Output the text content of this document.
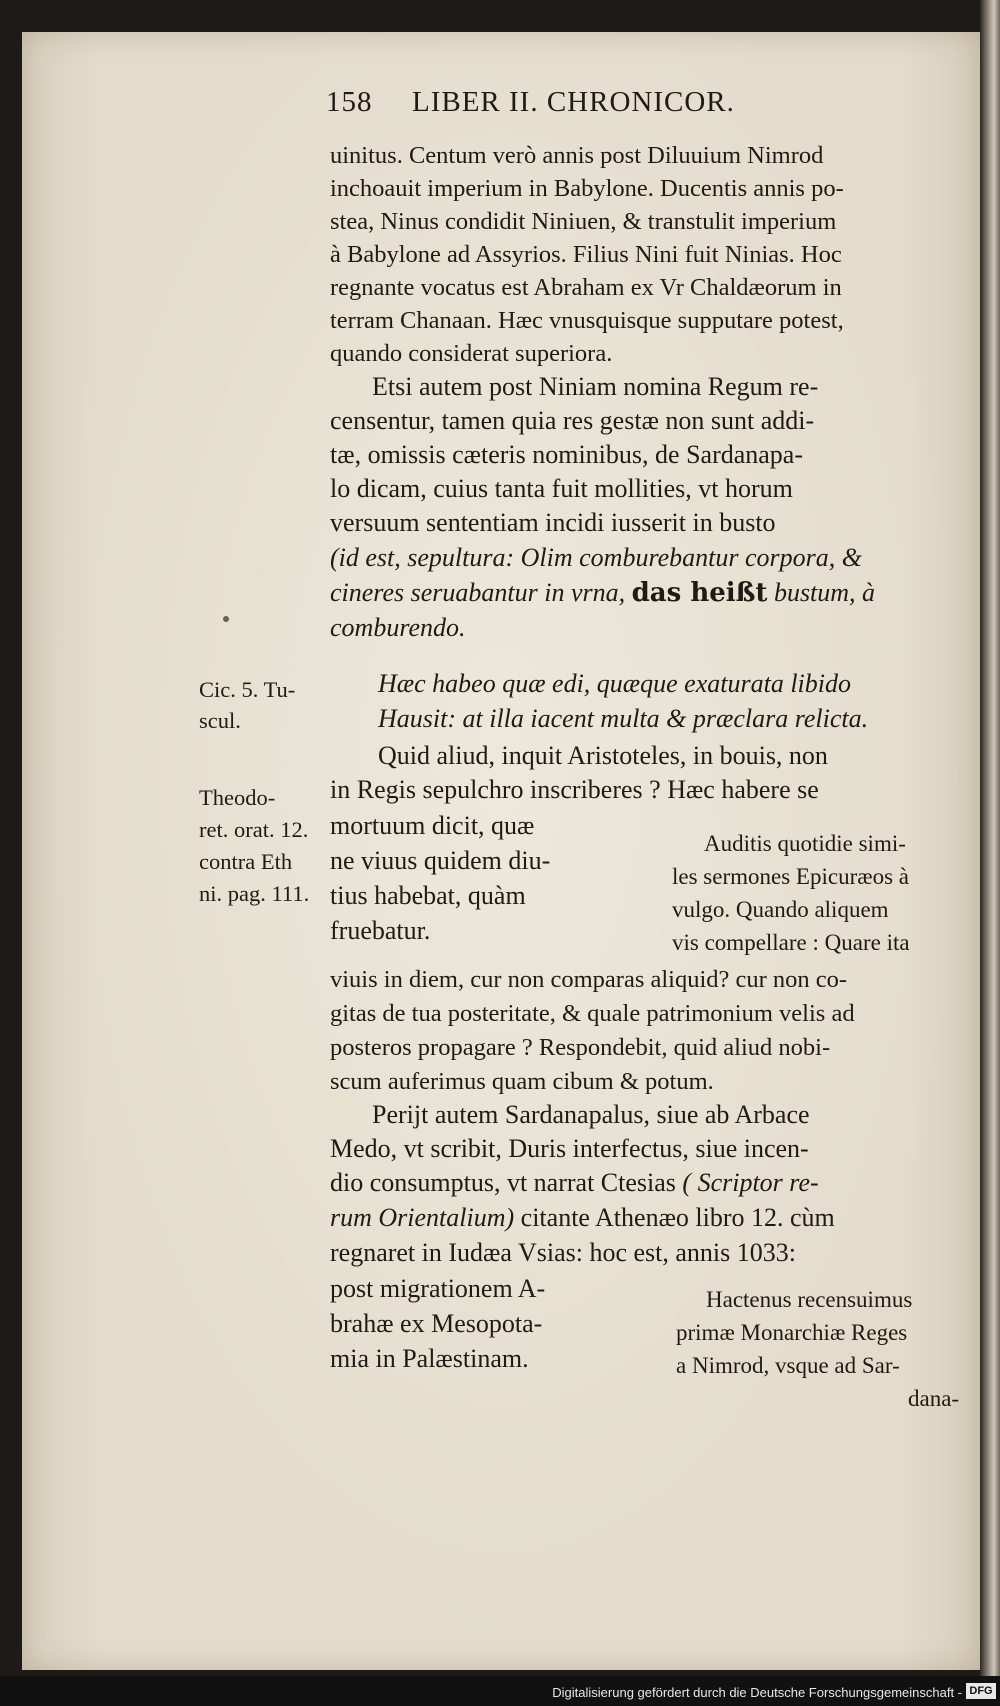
158 LIBER II. CHRONICOR.
uinitus. Centum verò annis post Diluuium Nimrod
inchoauit imperium in Babylone. Ducentis annis po-
stea, Ninus condidit Niniuen, & transtulit imperium
à Babylone ad Assyrios. Filius Nini fuit Ninias. Hoc
regnante vocatus est Abraham ex Vr Chaldæorum in
terram Chanaan. Hæc vnusquisque supputare potest,
quando considerat superiora.
Etsi autem post Niniam nomina Regum re-
censentur, tamen quia res gestæ non sunt addi-
tæ, omissis cæteris nominibus, de Sardanapa-
lo dicam, cuius tanta fuit mollities, vt horum
versuum sententiam incidi iusserit in busto
(id est, sepultura: Olim comburebantur corpora, &
cineres seruabantur in vrna, das heißt bustum, à
comburendo.
Hæc habeo quæ edi, quæque exaturata libido
Hausit: at illa iacent multa & præclara relicta.
Cic. 5. Tu-
scul.
Theodo-
ret. orat. 12.
contra Eth
ni. pag. 111.
Quid aliud, inquit Aristoteles, in bouis, non
in Regis sepulchro inscriberes ? Hæc habere se
mortuum dicit, quæ
ne viuus quidem diu-
tius habebat, quàm
fruebatur.
Auditis quotidie simi-
les sermones Epicuræos à
vulgo. Quando aliquem
vis compellare : Quare ita
viuis in diem, cur non comparas aliquid? cur non co-
gitas de tua posteritate, & quale patrimonium velis ad
posteros propagare ? Respondebit, quid aliud nobi-
scum auferimus quam cibum & potum.
Perijt autem Sardanapalus, siue ab Arbace
Medo, vt scribit, Duris interfectus, siue incen-
dio consumptus, vt narrat Ctesias ( Scriptor re-
rum Orientalium) citante Athenæo libro 12. cùm
regnaret in Iudæa Vsias: hoc est, annis 1033:
post migrationem A-
brahæ ex Mesopota-
mia in Palæstinam.
Hactenus recensuimus
primæ Monarchiæ Reges
a Nimrod, vsque ad Sar-
dana-
Digitalisierung gefördert durch die Deutsche Forschungsgemeinschaft - DFG
